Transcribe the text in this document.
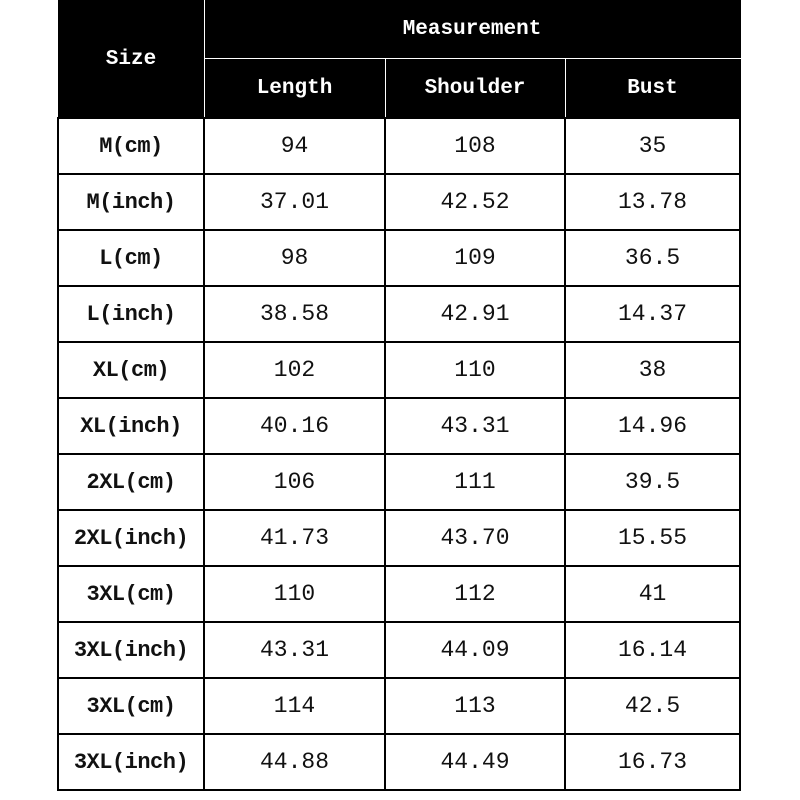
Size	Measurement		
	Length	Shoulder	Bust
M(cm)	94	108	35
M(inch)	37.01	42.52	13.78
L(cm)	98	109	36.5
L(inch)	38.58	42.91	14.37
XL(cm)	102	110	38
XL(inch)	40.16	43.31	14.96
2XL(cm)	106	111	39.5
2XL(inch)	41.73	43.70	15.55
3XL(cm)	110	112	41
3XL(inch)	43.31	44.09	16.14
3XL(cm)	114	113	42.5
3XL(inch)	44.88	44.49	16.73
